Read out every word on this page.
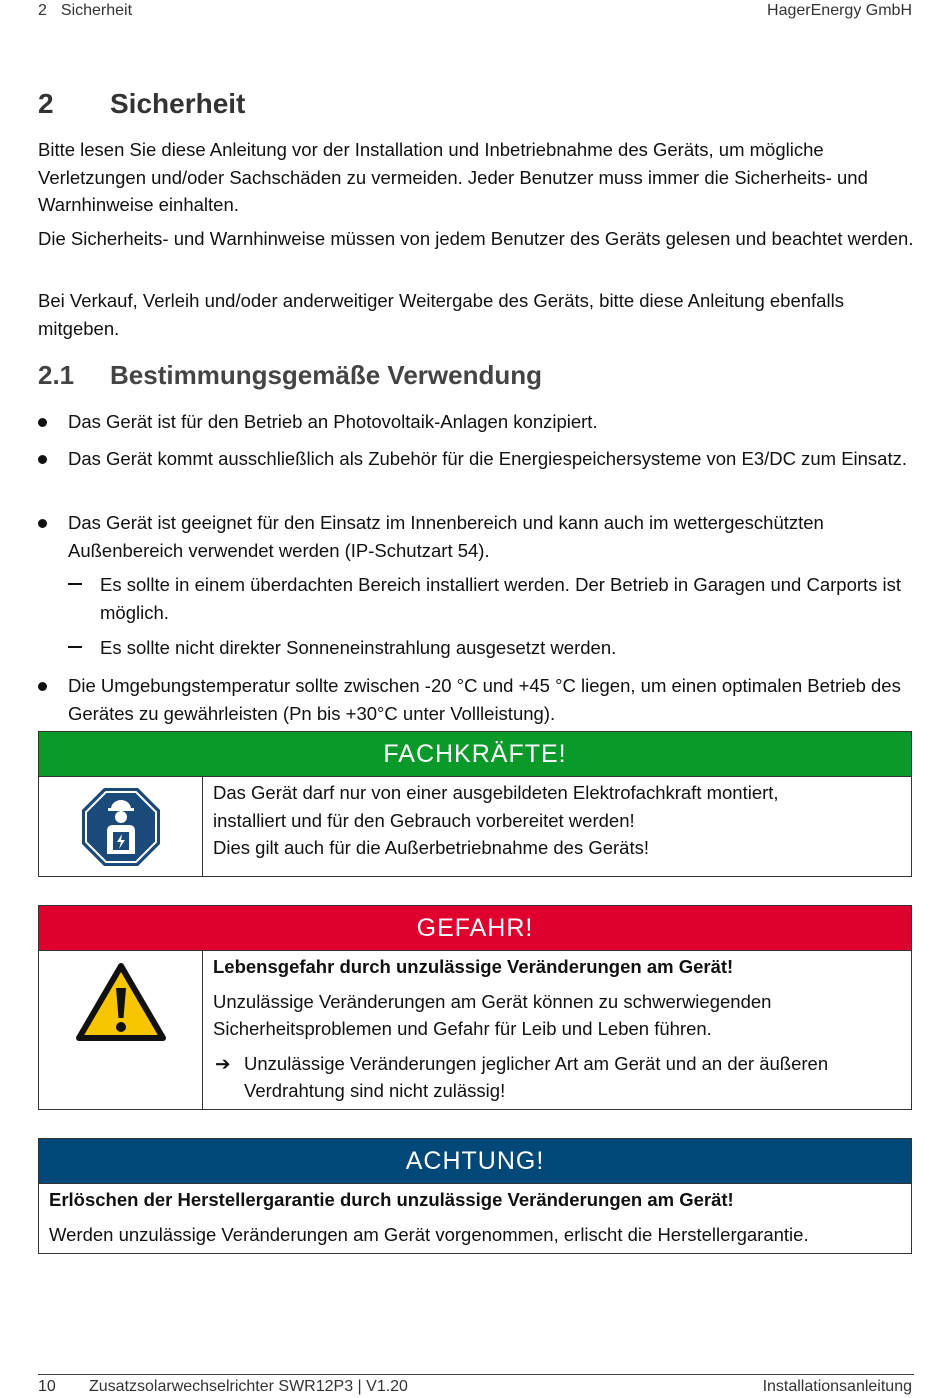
2 Sicherheit	HagerEnergy GmbH
2 Sicherheit
Bitte lesen Sie diese Anleitung vor der Installation und Inbetriebnahme des Geräts, um mögliche Verletzungen und/oder Sachschäden zu vermeiden. Jeder Benutzer muss immer die Sicherheits- und Warnhinweise einhalten.
Die Sicherheits- und Warnhinweise müssen von jedem Benutzer des Geräts gelesen und beachtet werden.
Bei Verkauf, Verleih und/oder anderweitiger Weitergabe des Geräts, bitte diese Anleitung ebenfalls mitgeben.
2.1 Bestimmungsgemäße Verwendung
Das Gerät ist für den Betrieb an Photovoltaik-Anlagen konzipiert.
Das Gerät kommt ausschließlich als Zubehör für die Energiespeichersysteme von E3/DC zum Einsatz.
Das Gerät ist geeignet für den Einsatz im Innenbereich und kann auch im wettergeschützten Außenbereich verwendet werden (IP-Schutzart 54).
Es sollte in einem überdachten Bereich installiert werden. Der Betrieb in Garagen und Carports ist möglich.
Es sollte nicht direkter Sonneneinstrahlung ausgesetzt werden.
Die Umgebungstemperatur sollte zwischen -20 °C und +45 °C liegen, um einen optimalen Betrieb des Gerätes zu gewährleisten (Pn bis +30°C unter Vollleistung).
FACHKRÄFTE!
Das Gerät darf nur von einer ausgebildeten Elektrofachkraft montiert, installiert und für den Gebrauch vorbereitet werden!
Dies gilt auch für die Außerbetriebnahme des Geräts!
GEFAHR!
Lebensgefahr durch unzulässige Veränderungen am Gerät!
Unzulässige Veränderungen am Gerät können zu schwerwiegenden Sicherheitsproblemen und Gefahr für Leib und Leben führen.
➔ Unzulässige Veränderungen jeglicher Art am Gerät und an der äußeren Verdrahtung sind nicht zulässig!
ACHTUNG!
Erlöschen der Herstellergarantie durch unzulässige Veränderungen am Gerät!
Werden unzulässige Veränderungen am Gerät vorgenommen, erlischt die Herstellergarantie.
10 Zusatzsolarwechselrichter SWR12P3 | V1.20	Installationsanleitung
